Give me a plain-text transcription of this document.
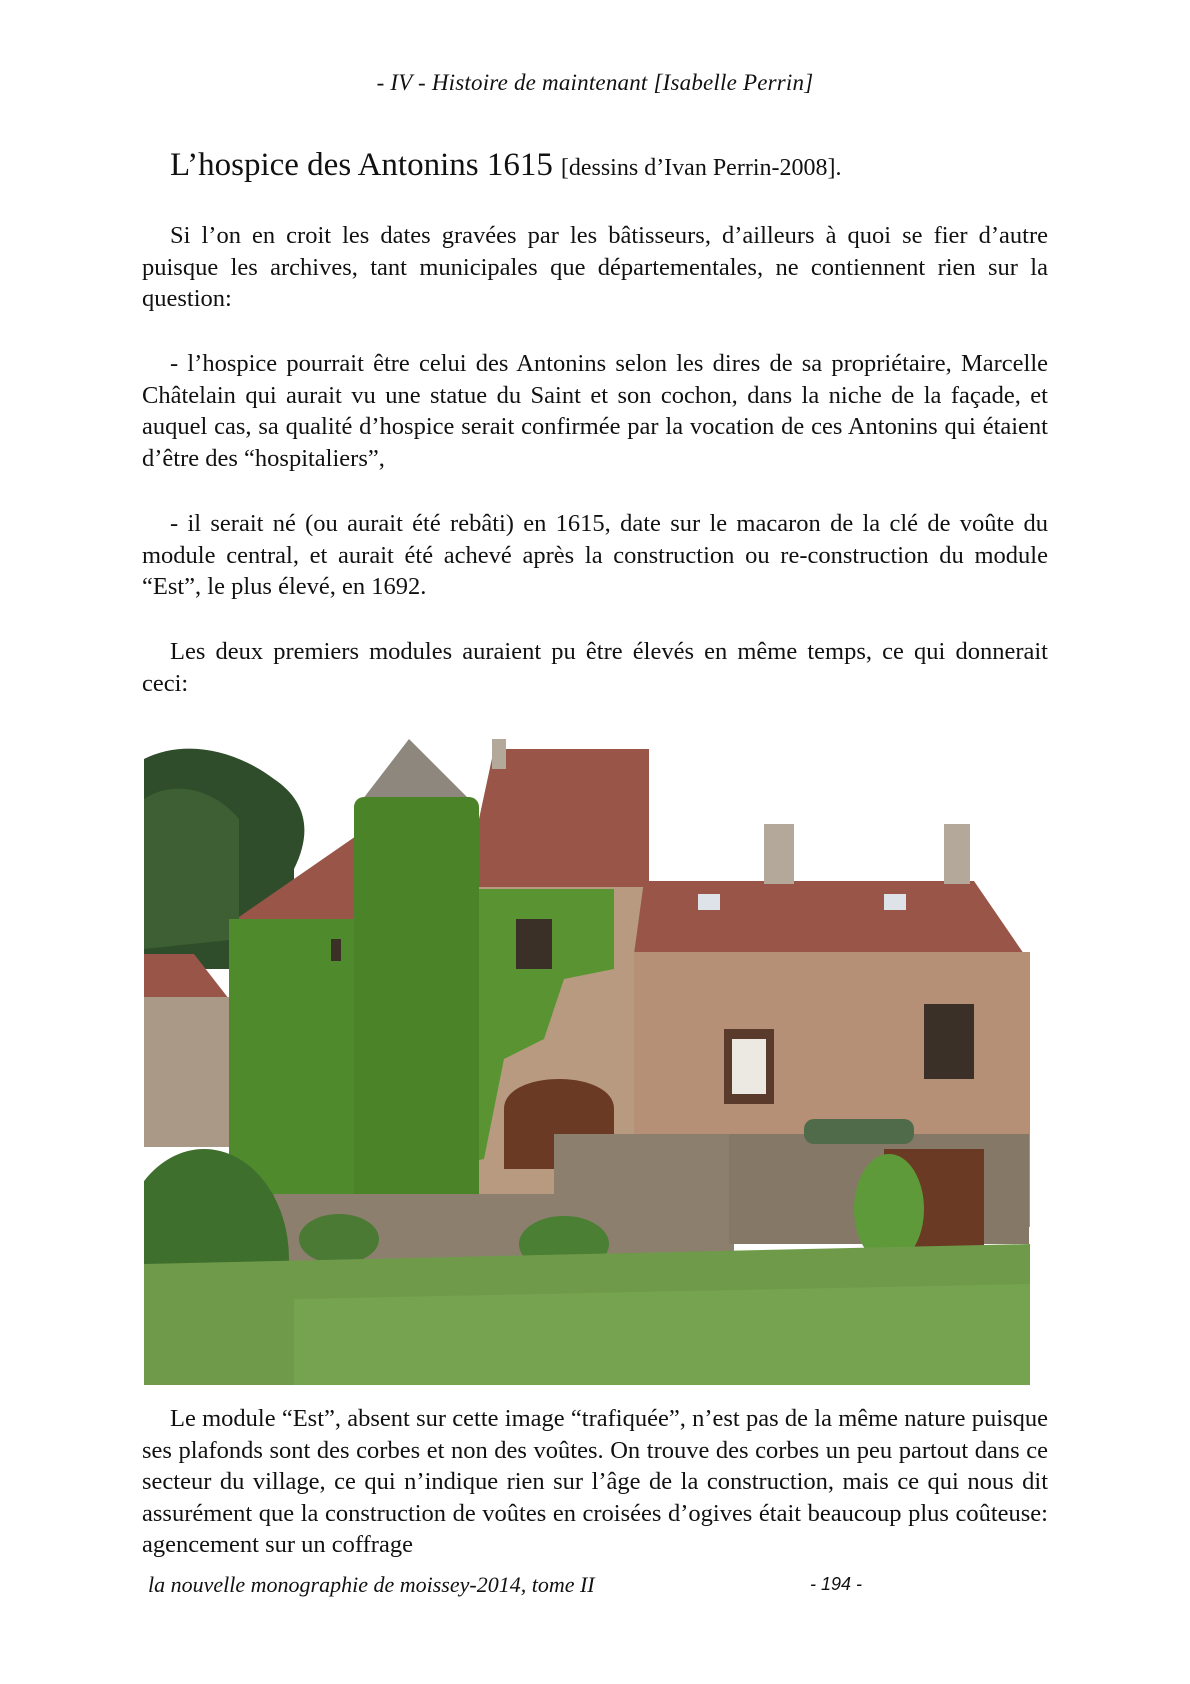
- IV - Histoire de maintenant [Isabelle Perrin]
L’hospice des Antonins 1615 [dessins d’Ivan Perrin-2008].

Si l’on en croit les dates gravées par les bâtisseurs, d’ailleurs à quoi se fier d’autre puisque les archives, tant municipales que départementales, ne contiennent rien sur la question:

- l’hospice pourrait être celui des Antonins selon les dires de sa propriétaire, Marcelle Châtelain qui aurait vu une statue du Saint et son cochon, dans la niche de la façade, et auquel cas, sa qualité d’hospice serait confirmée par la vocation de ces Antonins qui étaient d’être des “hospitaliers”,

- il serait né (ou aurait été rebâti) en 1615, date sur le macaron de la clé de voûte du module central, et aurait été achevé après la construction ou re-construction du module “Est”, le plus élevé, en 1692.

Les deux premiers modules auraient pu être élevés en même temps, ce qui donnerait ceci:

Le module “Est”, absent sur cette image “trafiquée”, n’est pas de la même nature puisque ses plafonds sont des corbes et non des voûtes. On trouve des corbes un peu partout dans ce secteur du village, ce qui n’indique rien sur l’âge de la construction, mais ce qui nous dit assurément que la construction de voûtes en croisées d’ogives était beaucoup plus coûteuse: agencement sur un coffrage

la nouvelle monographie de moissey-2014, tome II	- 194 -
